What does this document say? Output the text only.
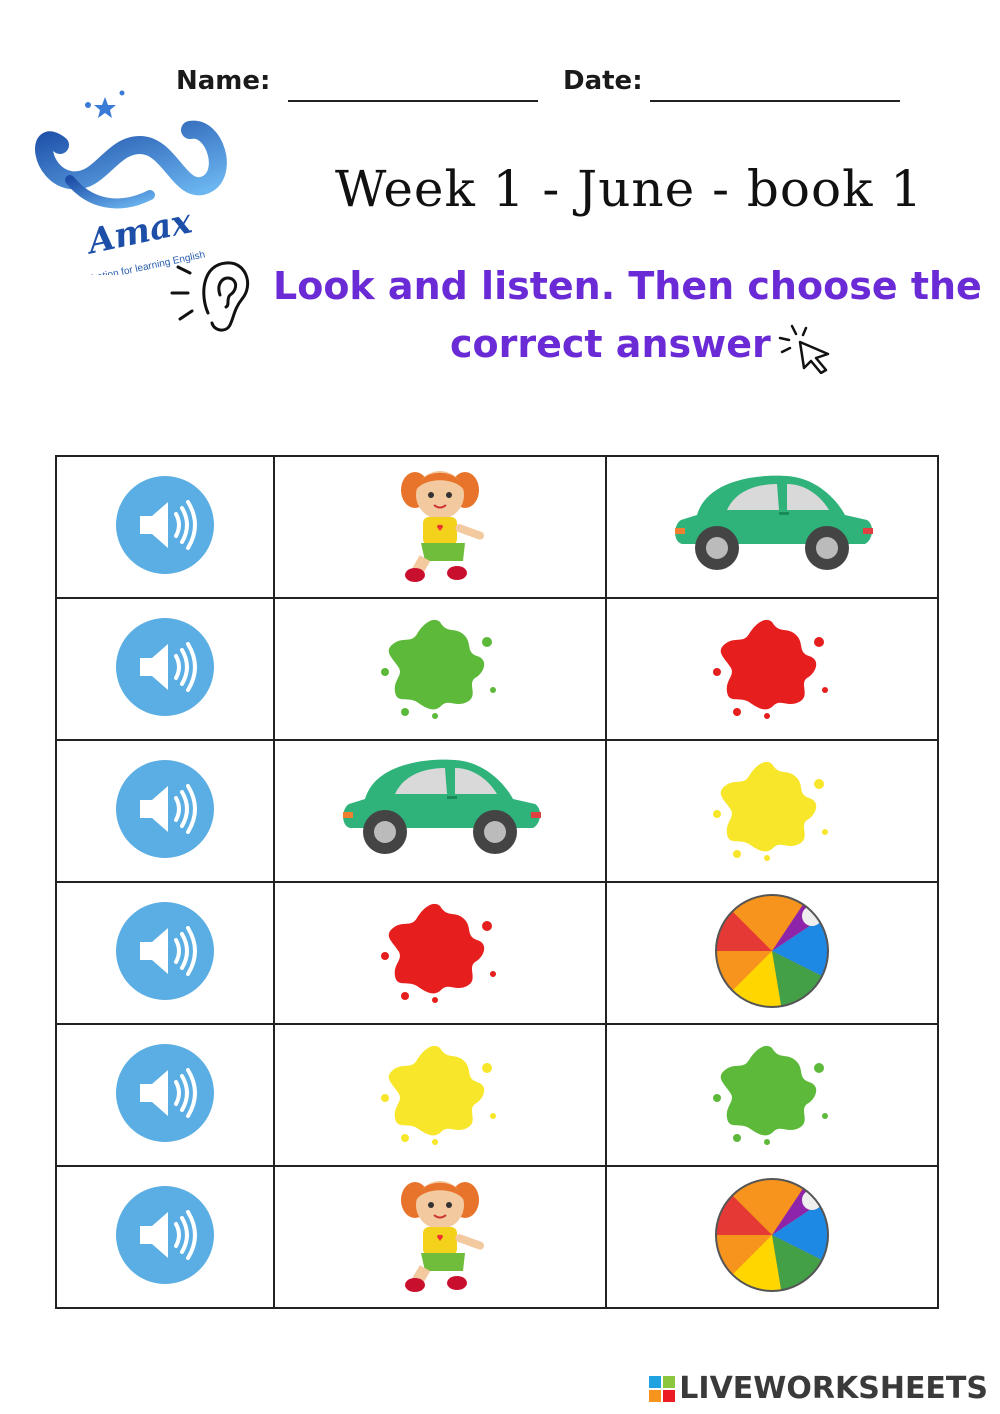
Name:	Date:
Amax
Inspiration for learning English
Week 1 - June - book 1
Look and listen. Then choose the
correct answer

LIVEWORKSHEETS
